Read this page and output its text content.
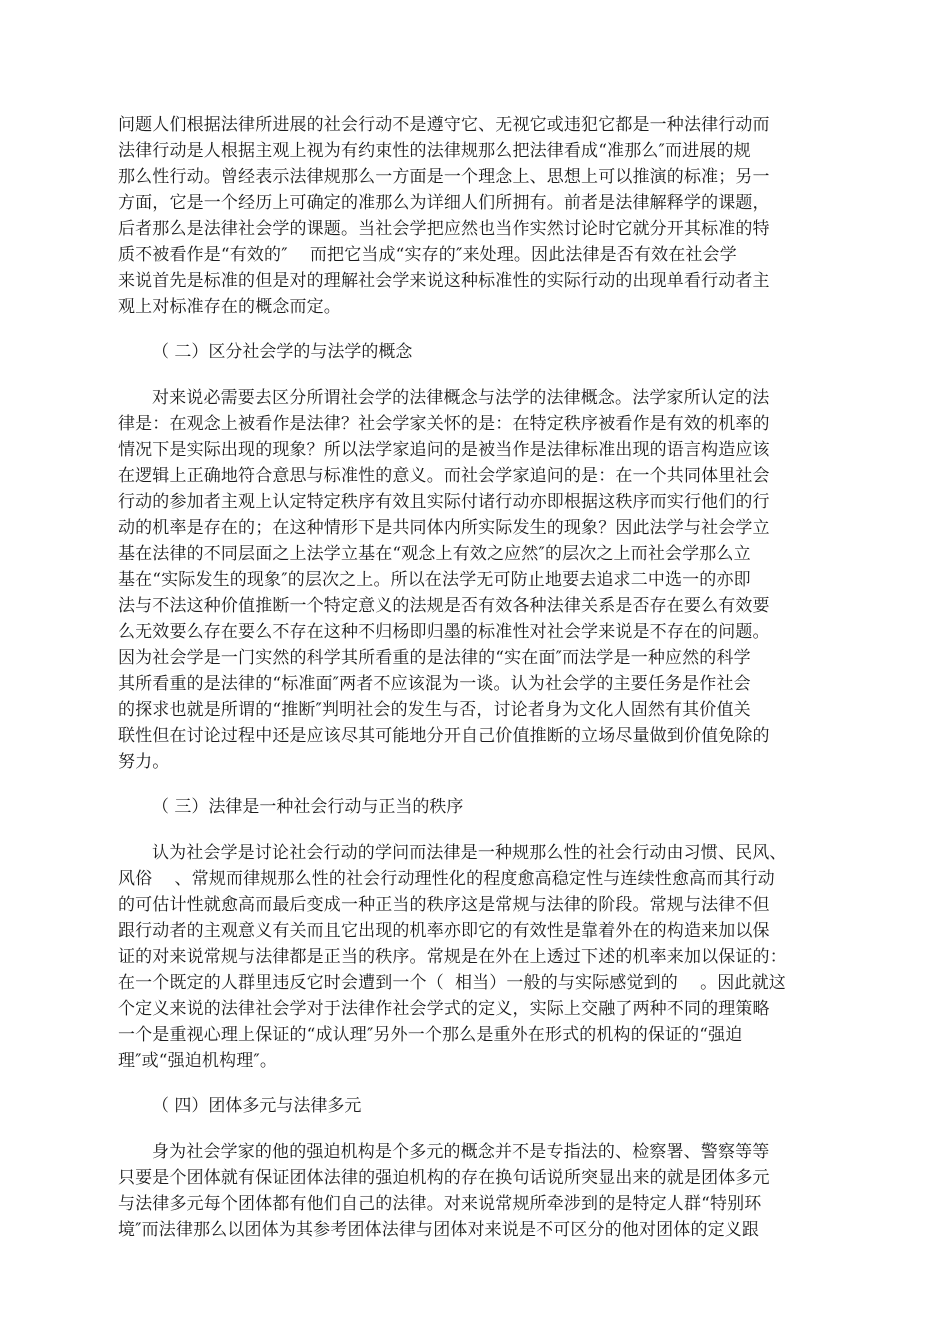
问题人们根据法律所进展的社会行动不是遵守它、无视它或违犯它都是一种法律行动而
法律行动是人根据主观上视为有约束性的法律规那么把法律看成“准那么″而进展的规
那么性行动。曾经表示法律规那么一方面是一个理念上、思想上可以推演的标准；另一
方面，它是一个经历上可确定的准那么为详细人们所拥有。前者是法律解释学的课题，
后者那么是法律社会学的课题。当社会学把应然也当作实然讨论时它就分开其标准的特
质不被看作是“有效的″    而把它当成“实存的″来处理。因此法律是否有效在社会学
来说首先是标准的但是对的理解社会学来说这种标准性的实际行动的出现单看行动者主
观上对标准存在的概念而定。
（ 二）区分社会学的与法学的概念
对来说必需要去区分所谓社会学的法律概念与法学的法律概念。法学家所认定的法
律是：在观念上被看作是法律？社会学家关怀的是：在特定秩序被看作是有效的机率的
情况下是实际出现的现象？所以法学家追问的是被当作是法律标准出现的语言构造应该
在逻辑上正确地符合意思与标准性的意义。而社会学家追问的是：在一个共同体里社会
行动的参加者主观上认定特定秩序有效且实际付诸行动亦即根据这秩序而实行他们的行
动的机率是存在的；在这种情形下是共同体内所实际发生的现象？因此法学与社会学立
基在法律的不同层面之上法学立基在“观念上有效之应然″的层次之上而社会学那么立
基在“实际发生的现象″的层次之上。所以在法学无可防止地要去追求二中选一的亦即
法与不法这种价值推断一个特定意义的法规是否有效各种法律关系是否存在要么有效要
么无效要么存在要么不存在这种不归杨即归墨的标准性对社会学来说是不存在的问题。
因为社会学是一门实然的科学其所看重的是法律的“实在面″而法学是一种应然的科学
其所看重的是法律的“标准面″两者不应该混为一谈。认为社会学的主要任务是作社会
的探求也就是所谓的“推断″判明社会的发生与否，讨论者身为文化人固然有其价值关
联性但在讨论过程中还是应该尽其可能地分开自己价值推断的立场尽量做到价值免除的
努力。
（ 三）法律是一种社会行动与正当的秩序
认为社会学是讨论社会行动的学问而法律是一种规那么性的社会行动由习惯、民风、
风俗    、常规而律规那么性的社会行动理性化的程度愈高稳定性与连续性愈高而其行动
的可估计性就愈高而最后变成一种正当的秩序这是常规与法律的阶段。常规与法律不但
跟行动者的主观意义有关而且它出现的机率亦即它的有效性是靠着外在的构造来加以保
证的对来说常规与法律都是正当的秩序。常规是在外在上透过下述的机率来加以保证的：
在一个既定的人群里违反它时会遭到一个（  相当）一般的与实际感觉到的    。因此就这
个定义来说的法律社会学对于法律作社会学式的定义，实际上交融了两种不同的理策略
一个是重视心理上保证的“成认理″另外一个那么是重外在形式的机构的保证的“强迫
理″或“强迫机构理″。
（ 四）团体多元与法律多元
身为社会学家的他的强迫机构是个多元的概念并不是专指法的、检察署、警察等等
只要是个团体就有保证团体法律的强迫机构的存在换句话说所突显出来的就是团体多元
与法律多元每个团体都有他们自己的法律。对来说常规所牵涉到的是特定人群“特别环
境″而法律那么以团体为其参考团体法律与团体对来说是不可区分的他对团体的定义跟
